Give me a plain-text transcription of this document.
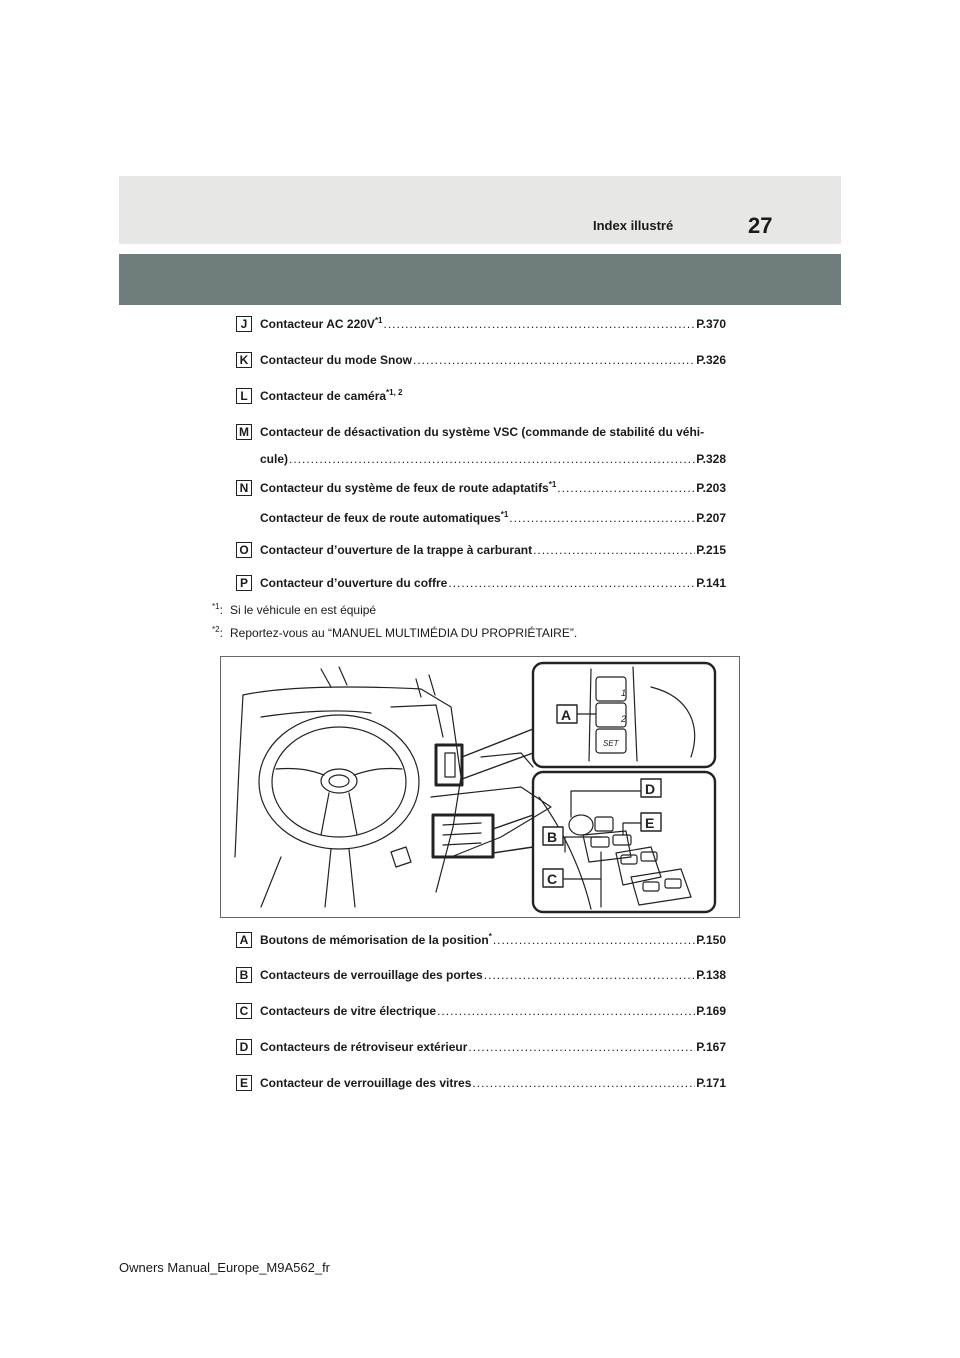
Index illustré	27
J	Contacteur AC $220V^{*1}$ .....	P.370
K Contacteur du mode Snow .....	P.326
L	Contacteur de caméra$^{*1, 2}$
M Contacteur de désactivation du système VSC (commande de stabilité du véhi-
cule) .....	P.328
N Contacteur du système de feux de route adaptatifs$^{*1}$ .....	P.203
Contacteur de feux de route automatiques$^{*1}$ .....	P.207
O Contacteur d’ouverture de la trappe à carburant .....	P.215
P	Contacteur d’ouverture du coffre .....	P.141
$^{*1}$: Si le véhicule en est équipé
$^{*2}$: Reportez-vous au “MANUEL MULTIMÉDIA DU PROPRIÉTAIRE”.
1
2
SET
A
D
E
B
C
A Boutons de mémorisation de la position* .....	P.150
B Contacteurs de verrouillage des portes .....	P.138
C Contacteurs de vitre électrique .....	P.169
D Contacteurs de rétroviseur extérieur .....	P.167
E	Contacteur de verrouillage des vitres .....	P.171
Owners Manual_Europe_M9A562_fr
